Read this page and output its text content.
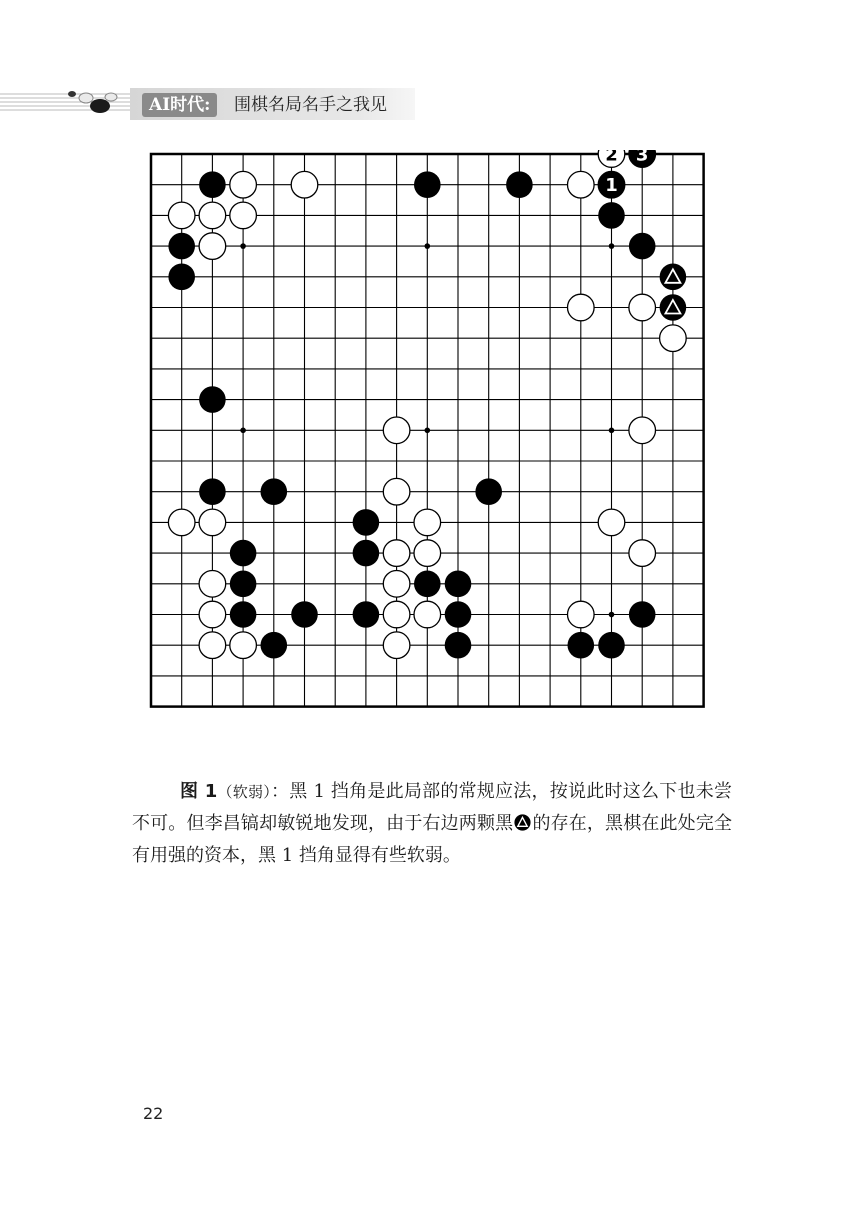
AI时代:	围棋名局名手之我见
2 3
1
图 1（软弱）：黑 1 挡角是此局部的常规应法，按说此时这么下也未尝不可。但李昌镐却敏锐地发现，由于右边两颗黑 的存在，黑棋在此处完全有用强的资本，黑 1 挡角显得有些软弱。
22
